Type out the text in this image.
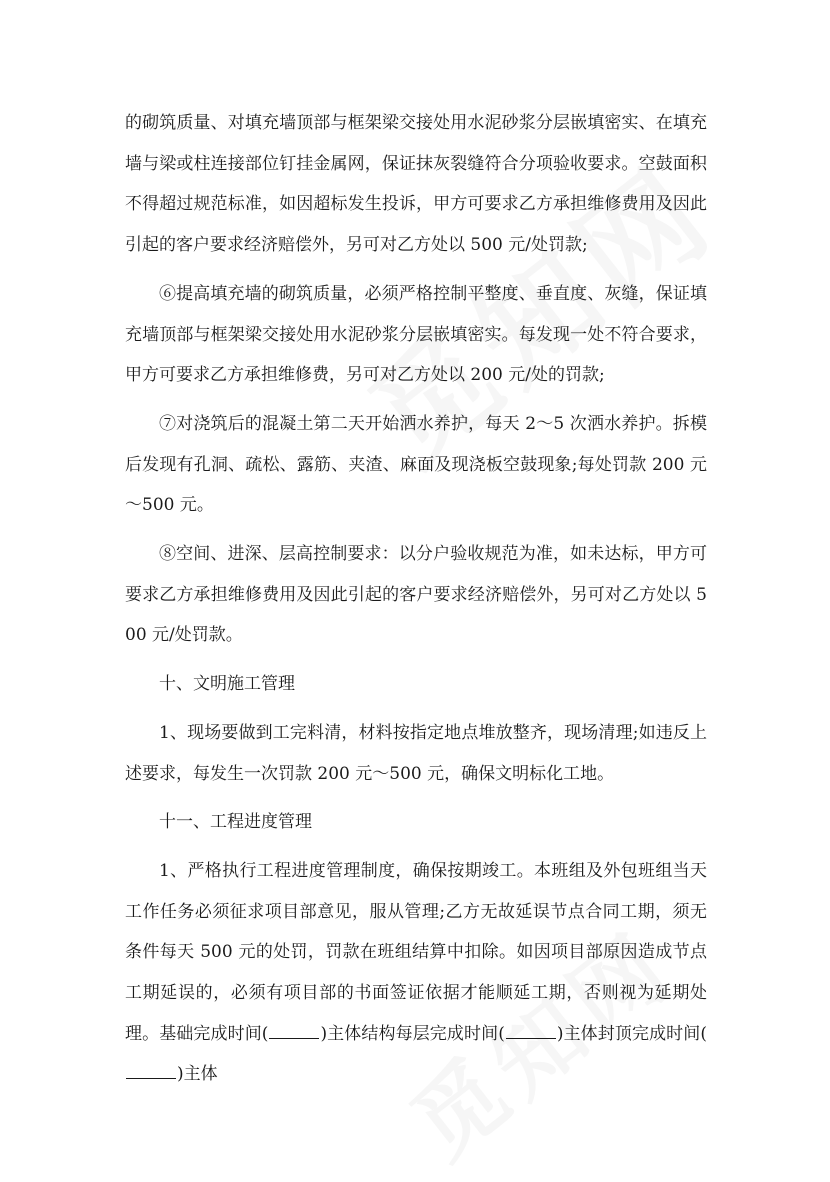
的砌筑质量、对填充墙顶部与框架梁交接处用水泥砂浆分层嵌填密实、在填充墙与梁或柱连接部位钉挂金属网，保证抹灰裂缝符合分项验收要求。空鼓面积不得超过规范标准，如因超标发生投诉，甲方可要求乙方承担维修费用及因此引起的客户要求经济赔偿外，另可对乙方处以 500 元/处罚款;

⑥提高填充墙的砌筑质量，必须严格控制平整度、垂直度、灰缝，保证填充墙顶部与框架梁交接处用水泥砂浆分层嵌填密实。每发现一处不符合要求，甲方可要求乙方承担维修费，另可对乙方处以 200 元/处的罚款;

⑦对浇筑后的混凝土第二天开始洒水养护，每天 2～5 次洒水养护。拆模后发现有孔洞、疏松、露筋、夹渣、麻面及现浇板空鼓现象;每处罚款 200 元～500 元。

⑧空间、进深、层高控制要求：以分户验收规范为准，如未达标，甲方可要求乙方承担维修费用及因此引起的客户要求经济赔偿外，另可对乙方处以 500 元/处罚款。

十、文明施工管理

1、现场要做到工完料清，材料按指定地点堆放整齐，现场清理;如违反上述要求，每发生一次罚款 200 元～500 元，确保文明标化工地。

十一、工程进度管理

1、严格执行工程进度管理制度，确保按期竣工。本班组及外包班组当天工作任务必须征求项目部意见，服从管理;乙方无故延误节点合同工期，须无条件每天 500 元的处罚，罚款在班组结算中扣除。如因项目部原因造成节点工期延误的，必须有项目部的书面签证依据才能顺延工期，否则视为延期处理。基础完成时间(	)主体结构每层完成时间(	)主体封顶完成时间()主体
